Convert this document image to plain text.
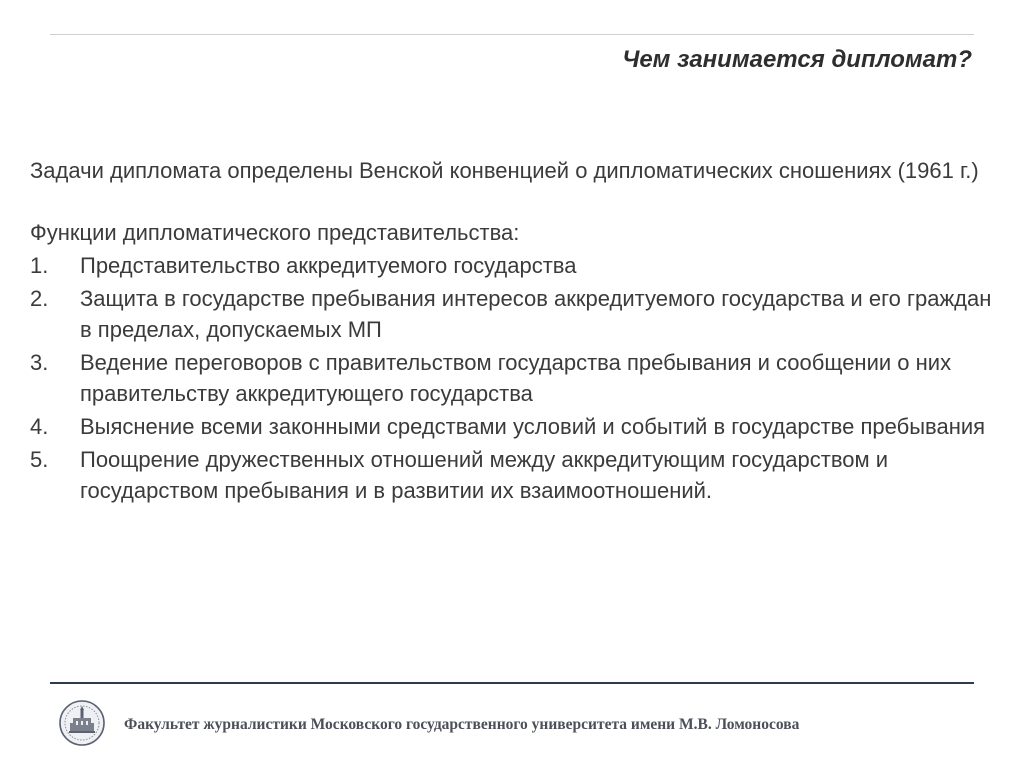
Чем занимается дипломат?

Задачи дипломата определены Венской конвенцией о дипломатических сношениях (1961 г.)

Функции дипломатического представительства:

1.	Представительство аккредитуемого государства
2.	Защита в государстве пребывания интересов аккредитуемого государства и его граждан в пределах, допускаемых МП
3.	Ведение переговоров с правительством государства пребывания и сообщении о них правительству аккредитующего государства
4.	Выяснение всеми законными средствами условий и событий в государстве пребывания
5.	Поощрение дружественных отношений между аккредитующим государством и государством пребывания и в развитии их взаимоотношений.
Факультет журналистики Московского государственного университета имени М.В. Ломоносова
